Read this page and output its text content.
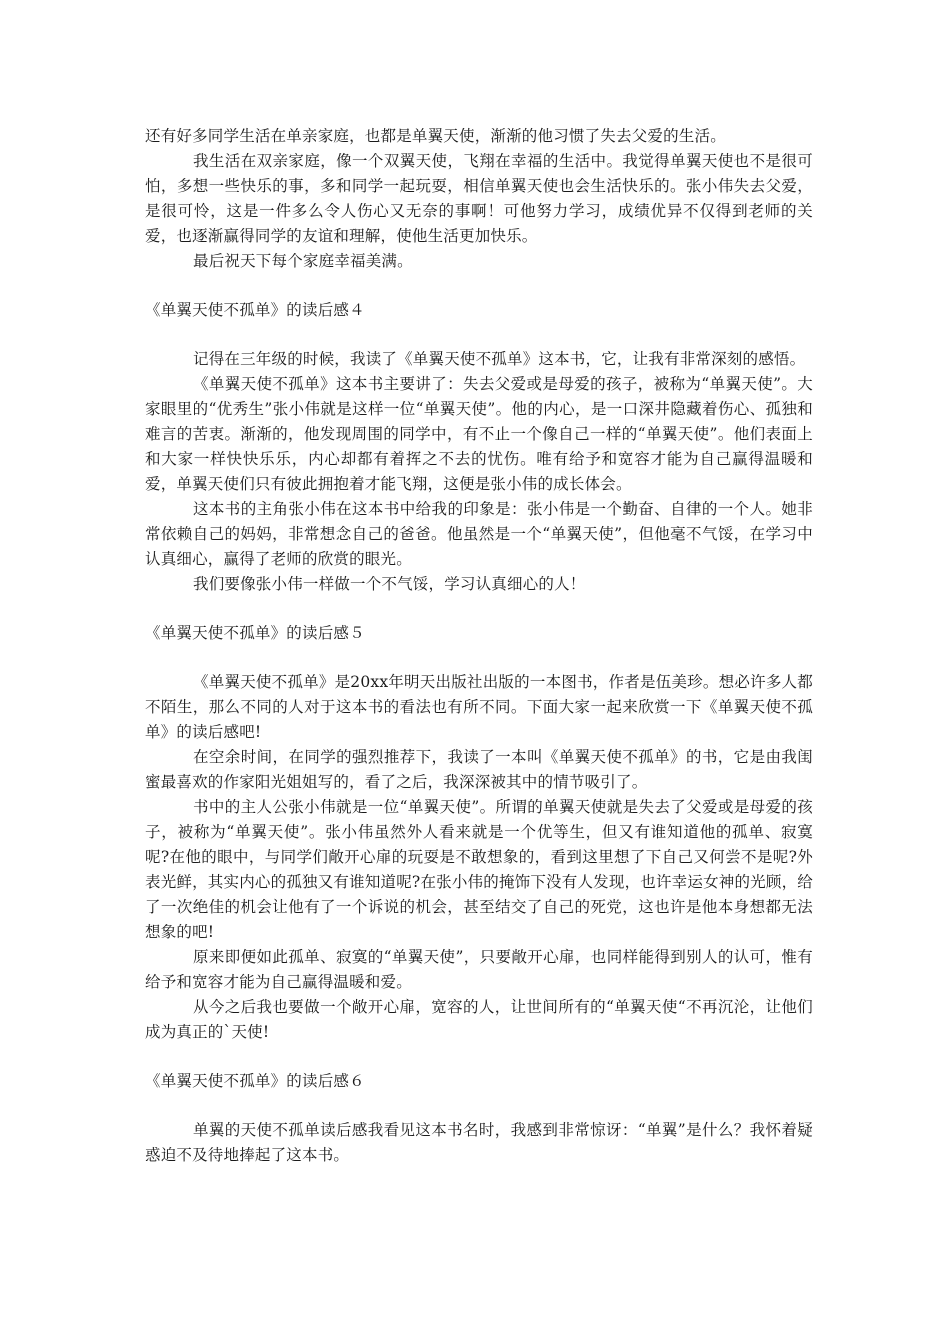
还有好多同学生活在单亲家庭，也都是单翼天使，渐渐的他习惯了失去父爱的生活。

我生活在双亲家庭，像一个双翼天使，飞翔在幸福的生活中。我觉得单翼天使也不是很可怕，多想一些快乐的事，多和同学一起玩耍，相信单翼天使也会生活快乐的。张小伟失去父爱，是很可怜，这是一件多么令人伤心又无奈的事啊！可他努力学习，成绩优异不仅得到老师的关爱，也逐渐赢得同学的友谊和理解，使他生活更加快乐。

最后祝天下每个家庭幸福美满。

《单翼天使不孤单》的读后感４

记得在三年级的时候，我读了《单翼天使不孤单》这本书，它，让我有非常深刻的感悟。

《单翼天使不孤单》这本书主要讲了：失去父爱或是母爱的孩子，被称为“单翼天使”。大家眼里的“优秀生”张小伟就是这样一位“单翼天使”。他的内心，是一口深井隐藏着伤心、孤独和难言的苦衷。渐渐的，他发现周围的同学中，有不止一个像自己一样的“单翼天使”。他们表面上和大家一样快快乐乐，内心却都有着挥之不去的忧伤。唯有给予和宽容才能为自己赢得温暖和爱，单翼天使们只有彼此拥抱着才能飞翔，这便是张小伟的成长体会。

这本书的主角张小伟在这本书中给我的印象是：张小伟是一个勤奋、自律的一个人。她非常依赖自己的妈妈，非常想念自己的爸爸。他虽然是一个“单翼天使”，但他毫不气馁，在学习中认真细心，赢得了老师的欣赏的眼光。

我们要像张小伟一样做一个不气馁，学习认真细心的人！

《单翼天使不孤单》的读后感５

《单翼天使不孤单》是20xx年明天出版社出版的一本图书，作者是伍美珍。想必许多人都不陌生，那么不同的人对于这本书的看法也有所不同。下面大家一起来欣赏一下《单翼天使不孤单》的读后感吧!

在空余时间，在同学的强烈推荐下，我读了一本叫《单翼天使不孤单》的书，它是由我闺蜜最喜欢的作家阳光姐姐写的，看了之后，我深深被其中的情节吸引了。

书中的主人公张小伟就是一位“单翼天使”。所谓的单翼天使就是失去了父爱或是母爱的孩子，被称为“单翼天使”。张小伟虽然外人看来就是一个优等生，但又有谁知道他的孤单、寂寞呢?在他的眼中，与同学们敞开心扉的玩耍是不敢想象的，看到这里想了下自己又何尝不是呢?外表光鲜，其实内心的孤独又有谁知道呢?在张小伟的掩饰下没有人发现，也许幸运女神的光顾，给了一次绝佳的机会让他有了一个诉说的机会，甚至结交了自己的死党，这也许是他本身想都无法想象的吧!

原来即便如此孤单、寂寞的“单翼天使”，只要敞开心扉，也同样能得到别人的认可，惟有给予和宽容才能为自己赢得温暖和爱。

从今之后我也要做一个敞开心扉，宽容的人，让世间所有的“单翼天使“不再沉沦，让他们成为真正的`天使!

《单翼天使不孤单》的读后感６

单翼的天使不孤单读后感我看见这本书名时，我感到非常惊讶：“单翼”是什么？我怀着疑惑迫不及待地捧起了这本书。
